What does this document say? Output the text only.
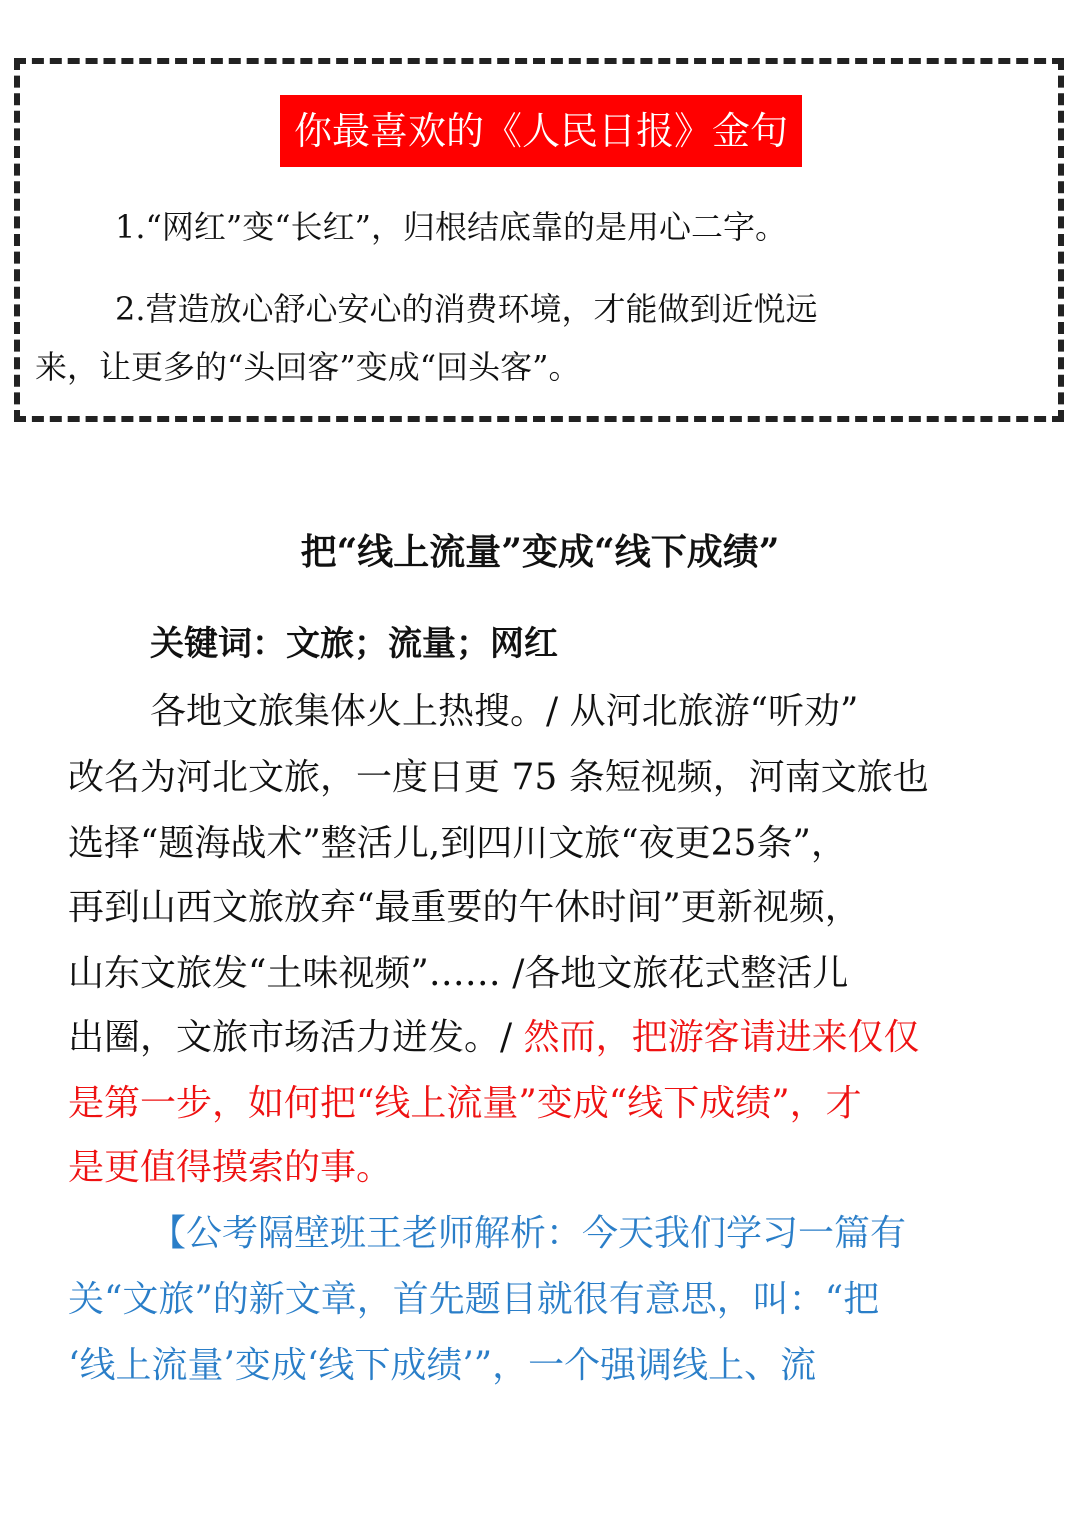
你最喜欢的《人民日报》金句
1.“网红”变“长红”，归根结底靠的是用心二字。
2.营造放心舒心安心的消费环境，才能做到近悦远
来，让更多的“头回客”变成“回头客”。
把“线上流量”变成“线下成绩”
关键词：文旅；流量；网红
各地文旅集体火上热搜。/ 从河北旅游“听劝”
改名为河北文旅，一度日更 75 条短视频，河南文旅也
选择“题海战术”整活儿,到四川文旅“夜更25条”，
再到山西文旅放弃“最重要的午休时间”更新视频，
山东文旅发“土味视频”…… /各地文旅花式整活儿
出圈，文旅市场活力迸发。/ 然而，把游客请进来仅仅
是第一步，如何把“线上流量”变成“线下成绩”，才
是更值得摸索的事。
【公考隔壁班王老师解析：今天我们学习一篇有
关“文旅”的新文章，首先题目就很有意思，叫：“把
‘线上流量’变成‘线下成绩’”，一个强调线上、流
